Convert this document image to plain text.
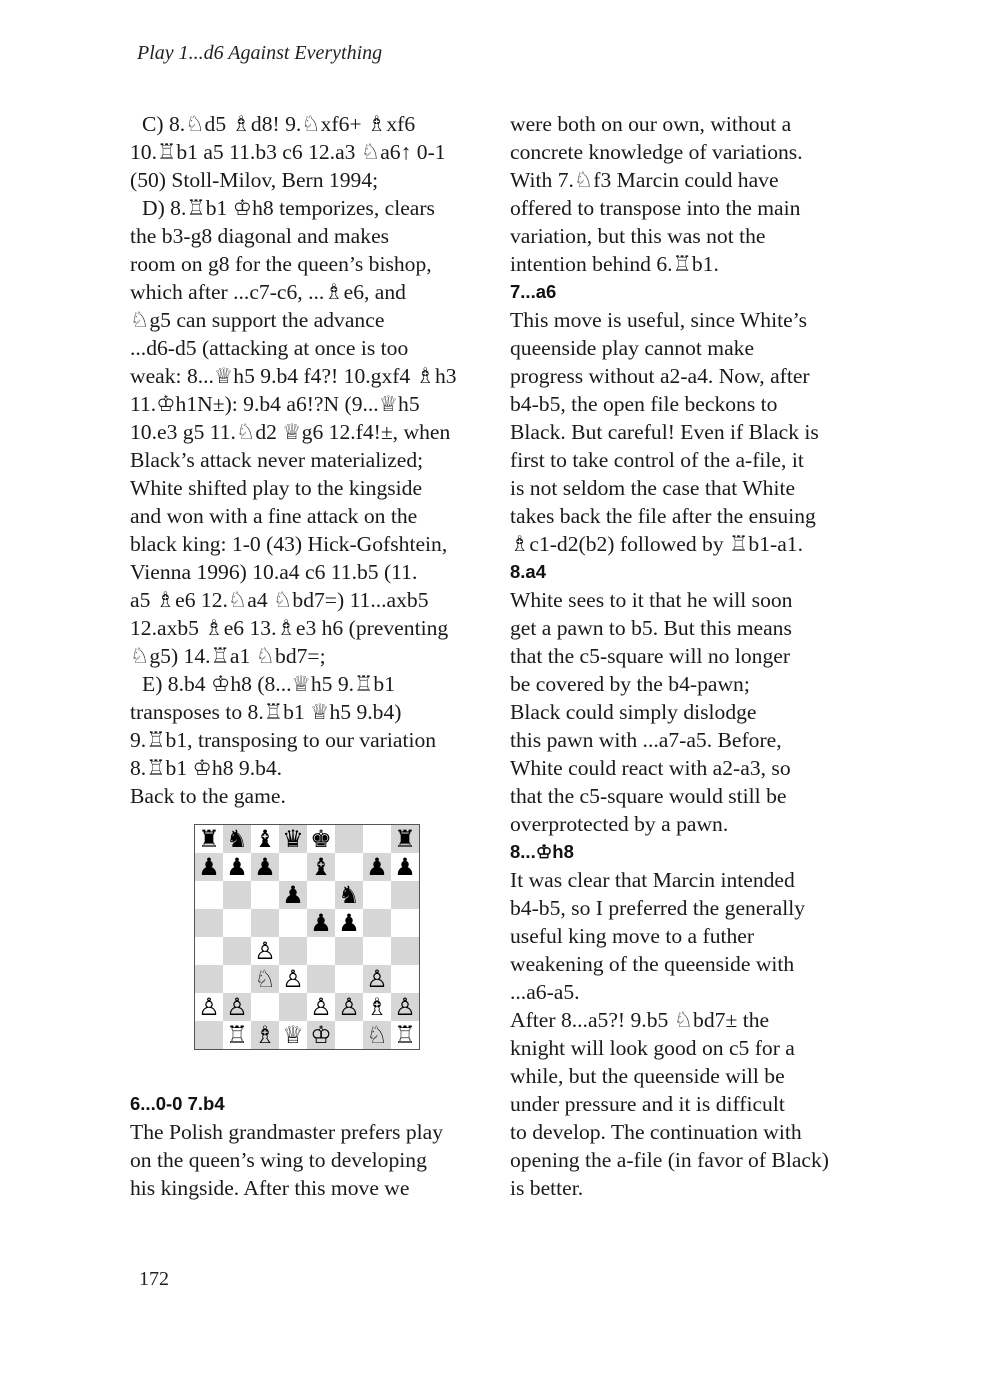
Play 1...d6 Against Everything
C) 8.♘d5 ♗d8! 9.♘xf6+ ♗xf6
10.♖b1 a5 11.b3 c6 12.a3 ♘a6↑ 0-1
(50) Stoll-Milov, Bern 1994;
D) 8.♖b1 ♔h8 temporizes, clears
the b3-g8 diagonal and makes
room on g8 for the queen’s bishop,
which after ...c7-c6, ...♗e6, and
♘g5 can support the advance
...d6-d5 (attacking at once is too
weak: 8...♕h5 9.b4 f4?! 10.gxf4 ♗h3
11.♔h1N±): 9.b4 a6!?N (9...♕h5
10.e3 g5 11.♘d2 ♕g6 12.f4!±, when
Black’s attack never materialized;
White shifted play to the kingside
and won with a fine attack on the
black king: 1-0 (43) Hick-Gofshtein,
Vienna 1996) 10.a4 c6 11.b5 (11.
a5 ♗e6 12.♘a4 ♘bd7=) 11...axb5
12.axb5 ♗e6 13.♗e3 h6 (preventing
♘g5) 14.♖a1 ♘bd7=;
E) 8.b4 ♔h8 (8...♕h5 9.♖b1
transposes to 8.♖b1 ♕h5 9.b4)
9.♖b1, transposing to our variation
8.♖b1 ♔h8 9.b4.
Back to the game.
♜ ♞ ♝ ♛ ♚	♜
♟ ♟ ♟ ♝ ♟ ♟
♟ ♞
♟ ♟
♙
♘ ♙	♙
♙ ♙	♙ ♙ ♗ ♙
♖ ♗ ♕ ♔ ♘ ♖
6...0-0 7.b4
The Polish grandmaster prefers play
on the queen’s wing to developing
his kingside. After this move we
were both on our own, without a
concrete knowledge of variations.
With 7.♘f3 Marcin could have
offered to transpose into the main
variation, but this was not the
intention behind 6.♖b1.
7...a6
This move is useful, since White’s
queenside play cannot make
progress without a2-a4. Now, after
b4-b5, the open file beckons to
Black. But careful! Even if Black is
first to take control of the a-file, it
is not seldom the case that White
takes back the file after the ensuing
♗c1-d2(b2) followed by ♖b1-a1.
8.a4
White sees to it that he will soon
get a pawn to b5. But this means
that the c5-square will no longer
be covered by the b4-pawn;
Black could simply dislodge
this pawn with ...a7-a5. Before,
White could react with a2-a3, so
that the c5-square would still be
overprotected by a pawn.
8...♔h8
It was clear that Marcin intended
b4-b5, so I preferred the generally
useful king move to a futher
weakening of the queenside with
...a6-a5.
After 8...a5?! 9.b5 ♘bd7± the
knight will look good on c5 for a
while, but the queenside will be
under pressure and it is difficult
to develop. The continuation with
opening the a-file (in favor of Black)
is better.
172
